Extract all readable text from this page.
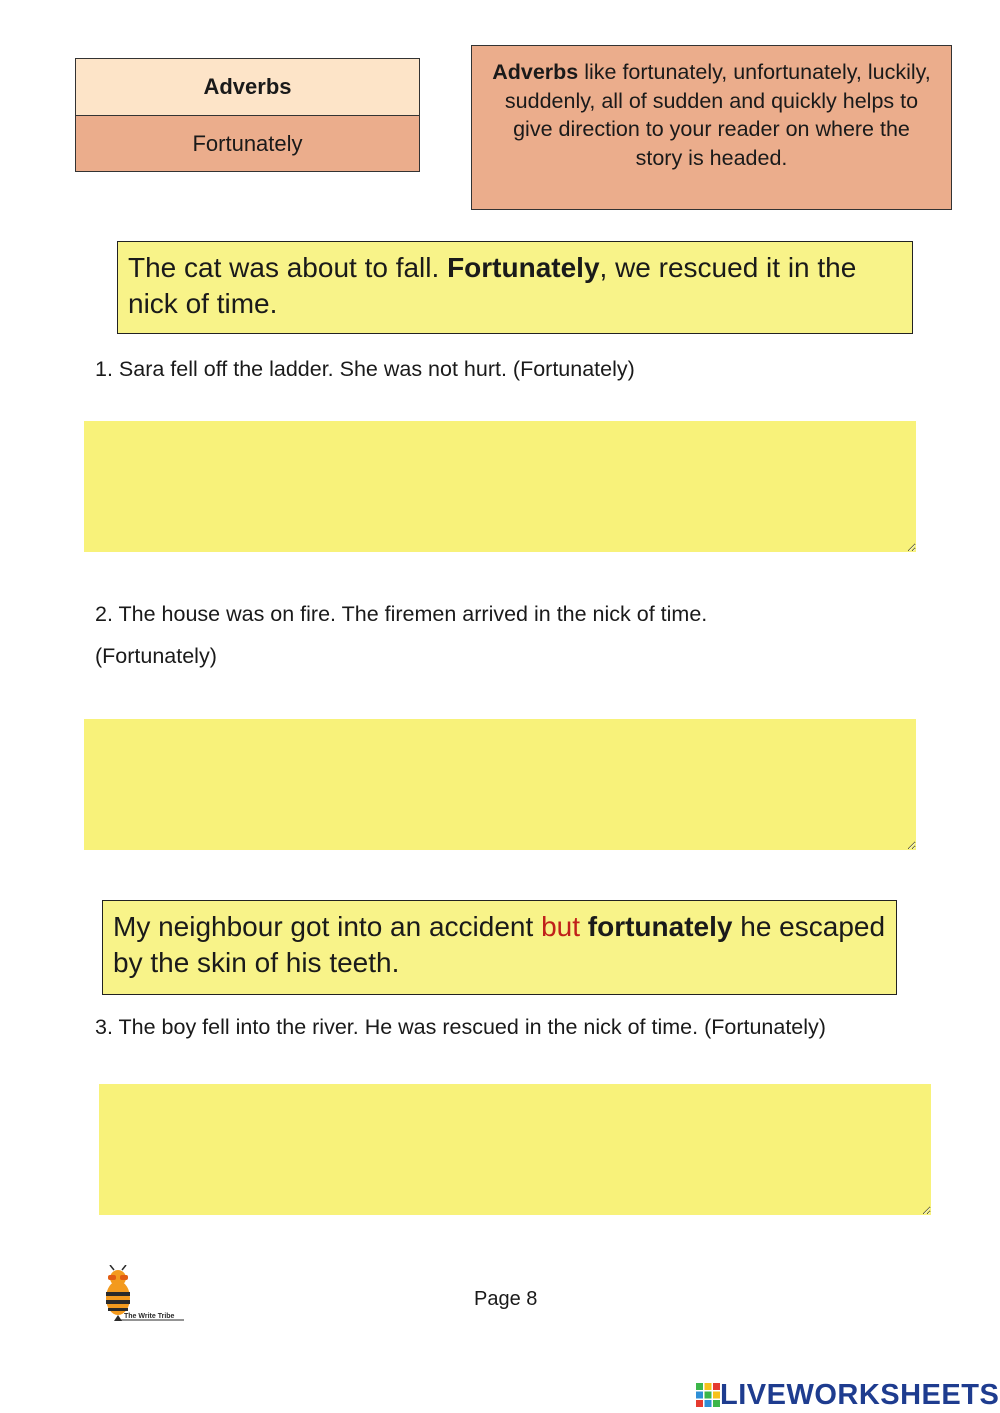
Adverbs
Fortunately
Adverbs like fortunately, unfortunately, luckily, suddenly, all of sudden and quickly helps to give direction to your reader on where the story is headed.
The cat was about to fall. Fortunately, we rescued it in the nick of time.
1. Sara fell off the ladder. She was not hurt. (Fortunately)
2. The house was on fire. The firemen arrived in the nick of time.
(Fortunately)
My neighbour got into an accident but fortunately he escaped by the skin of his teeth.
3. The boy fell into the river. He was rescued in the nick of time. (Fortunately)
The Write Tribe
Page 8
LIVEWORKSHEETS
